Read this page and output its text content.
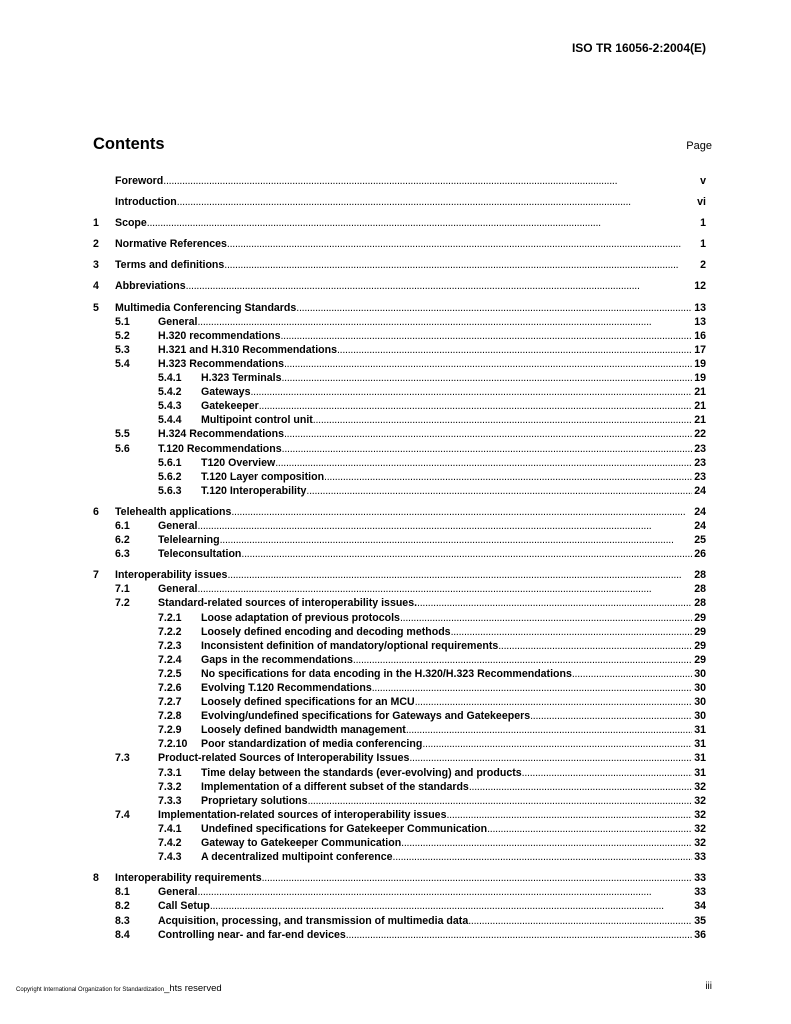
ISO TR 16056-2:2004(E)
Contents	Page
Foreword . . .	v
Introduction . . .	vi
1	Scope . . .	1
2	Normative References . . .	1
3	Terms and definitions . . .	2
4	Abbreviations . . .	12
5	Multimedia Conferencing Standards . . .	13
5.1	General . . .	13
5.2	H.320 recommendations . . .	16
5.3	H.321 and H.310 Recommendations . . .	17
5.4	H.323 Recommendations . . .	19
5.4.1	H.323 Terminals . . .	19
5.4.2	Gateways . . .	21
5.4.3	Gatekeeper . . .	21
5.4.4	Multipoint control unit . . .	21
5.5	H.324 Recommendations . . .	22
5.6	T.120 Recommendations . . .	23
5.6.1	T120 Overview . . .	23
5.6.2	T.120 Layer composition . . .	23
5.6.3	T.120 Interoperability . . .	24
6	Telehealth applications . . .	24
6.1	General . . .	24
6.2	Telelearning . . .	25
6.3	Teleconsultation . . .	26
7	Interoperability issues . . .	28
7.1	General . . .	28
7.2	Standard-related sources of interoperability issues. . . .	28
7.2.1	Loose adaptation of previous protocols . . .	29
7.2.2	Loosely defined encoding and decoding methods . . .	29
7.2.3	Inconsistent definition of mandatory/optional requirements . . .	29
7.2.4	Gaps in the recommendations . . .	29
7.2.5	No specifications for data encoding in the H.320/H.323 Recommendations . . .	30
7.2.6	Evolving T.120 Recommendations . . .	30
7.2.7	Loosely defined specifications for an MCU . . .	30
7.2.8	Evolving/undefined specifications for Gateways and Gatekeepers . . .	30
7.2.9	Loosely defined bandwidth management . . .	31
7.2.10	Poor standardization of media conferencing . . .	31
7.3	Product-related Sources of Interoperability Issues . . .	31
7.3.1	Time delay between the standards (ever-evolving) and products . . .	31
7.3.2	Implementation of a different subset of the standards . . .	32
7.3.3	Proprietary solutions . . .	32
7.4	Implementation-related sources of interoperability issues . . .	32
7.4.1	Undefined specifications for Gatekeeper Communication . . .	32
7.4.2	Gateway to Gatekeeper Communication . . .	32
7.4.3	A decentralized multipoint conference . . .	33
8	Interoperability requirements . . .	33
8.1	General . . .	33
8.2	Call Setup . . .	34
8.3	Acquisition, processing, and transmission of multimedia data . . .	35
8.4	Controlling near- and far-end devices . . .	36
Copyright International Organization for Standardization_hts reserved	iii
